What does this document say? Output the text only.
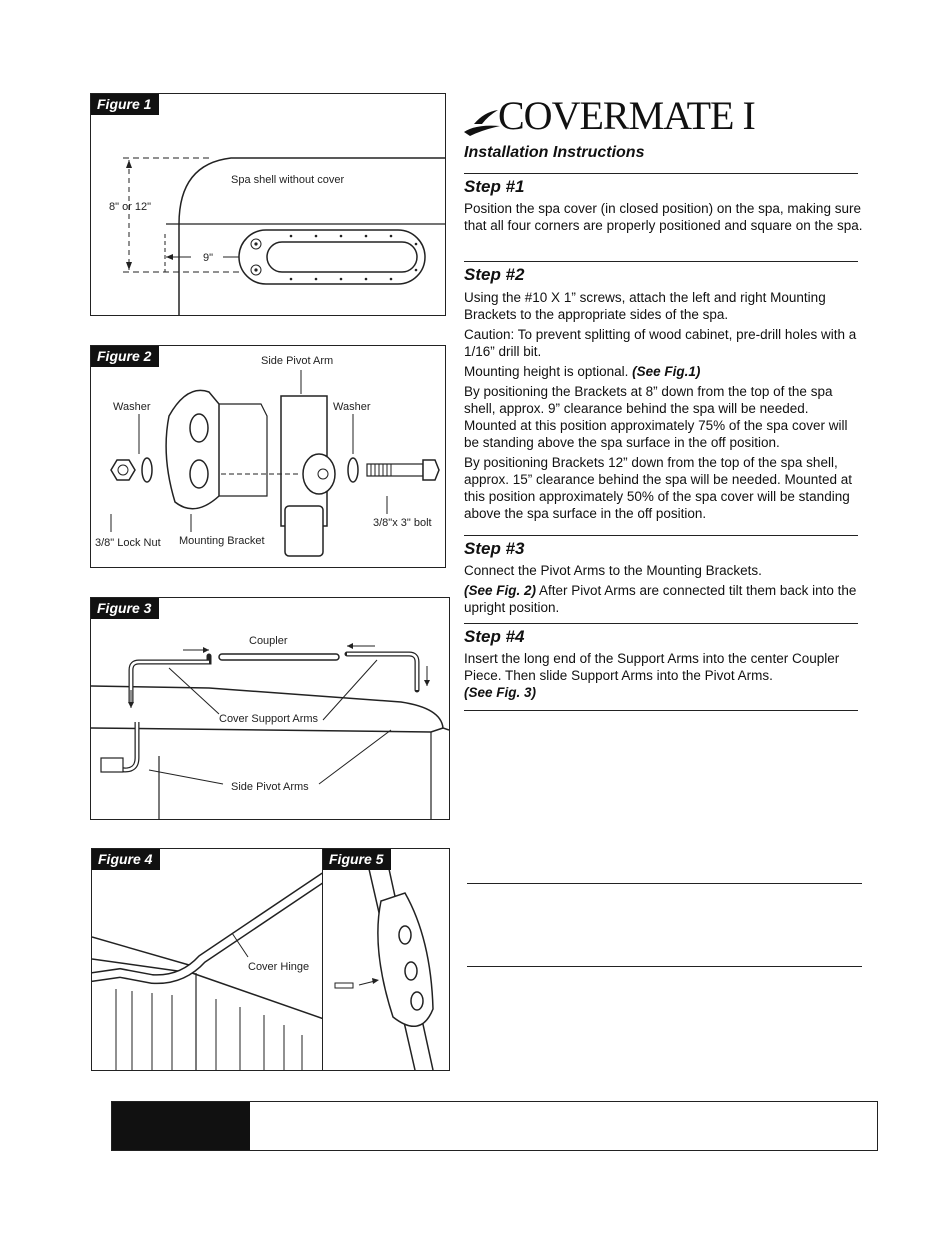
Figure 1
Spa shell without cover
8" or 12"
9"
Figure 2	Side Pivot Arm
Washer	Washer
3/8" Lock Nut Mounting Bracket
3/8"x 3" bolt
Figure 3
Coupler
Cover Support Arms
Side Pivot Arms
Figure 4
Cover Hinge
Figure 5
COVERMATE I
Installation Instructions
Step #1

Position the spa cover (in closed position) on the spa, making sure that all four corners are properly positioned and square on the spa.

Step #2

Using the #10 X 1” screws, attach the left and right Mounting Brackets to the appropriate sides of the spa.

Caution: To prevent splitting of wood cabinet, pre-drill holes with a 1/16” drill bit.

Mounting height is optional. (See Fig.1)

By positioning the Brackets at 8” down from the top of the spa shell, approx. 9” clearance behind the spa will be needed. Mounted at this position approximately 75% of the spa cover will be standing above the spa surface in the off position.

By positioning Brackets 12” down from the top of the spa shell, approx. 15” clearance behind the spa will be needed. Mounted at this position approximately 50% of the spa cover will be standing above the spa surface in the off position.

Step #3

Connect the Pivot Arms to the Mounting Brackets.

(See Fig. 2) After Pivot Arms are connected tilt them back into the upright position.

Step #4

Insert the long end of the Support Arms into the center Coupler Piece. Then slide Support Arms into the Pivot Arms.
(See Fig. 3)
